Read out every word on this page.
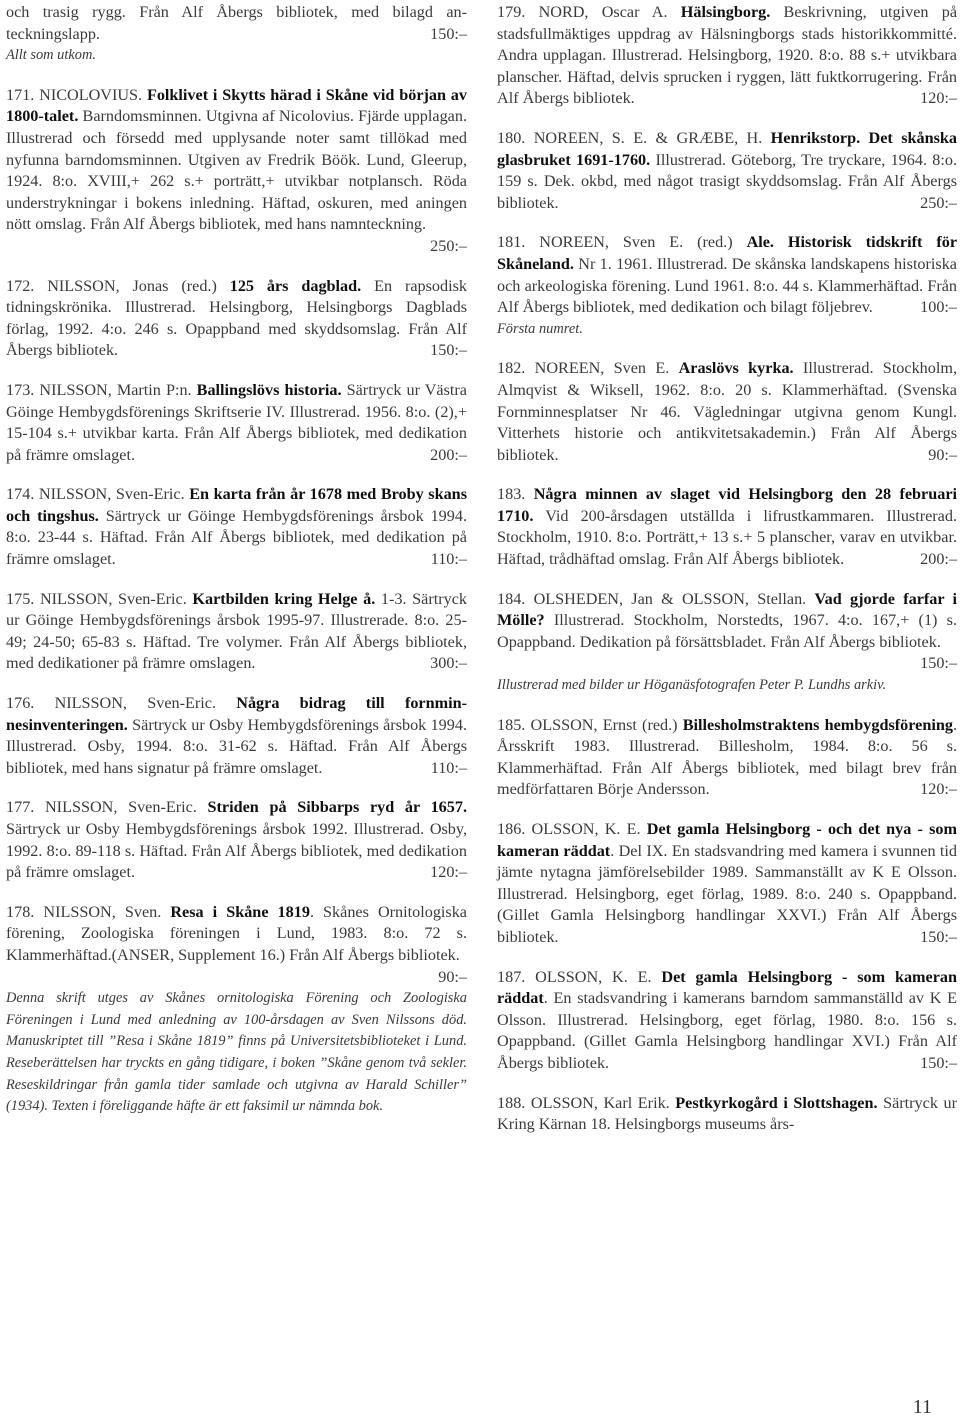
och trasig rygg. Från Alf Åbergs bibliotek, med bilagd anteckningslapp.	150:–

Allt som utkom.

171. NICOLOVIUS. Folklivet i Skytts härad i Skåne vid början av 1800-talet. Barndomsminnen. Utgivna af Nicolovius. Fjärde upplagan. Illustrerad och försedd med upplysande noter samt tillökad med nyfunna barndomsminnen. Utgiven av Fredrik Böök. Lund, Gleerup, 1924. 8:o. XVIII,+ 262 s.+ porträtt,+ utvikbar notplansch. Röda understrykningar i bokens inledning. Häftad, oskuren, med aningen nött omslag. Från Alf Åbergs bibliotek, med hans namnteckning.
250:–

172. NILSSON, Jonas (red.) 125 års dagblad. En rapsodisk tidningskrönika. Illustrerad. Helsingborg, Helsingborgs Dagblads förlag, 1992. 4:o. 246 s. Opappband med skyddsomslag. Från Alf Åbergs bibliotek.	150:–

173. NILSSON, Martin P:n. Ballingslövs historia. Särtryck ur Västra Göinge Hembygdsförenings Skriftserie IV. Illustrerad. 1956. 8:o. (2),+ 15-104 s.+ utvikbar karta. Från Alf Åbergs bibliotek, med dedikation på främre omslaget.	200:–

174. NILSSON, Sven-Eric. En karta från år 1678 med Broby skans och tingshus. Särtryck ur Göinge Hembygdsförenings årsbok 1994. 8:o. 23-44 s. Häftad. Från Alf Åbergs bibliotek, med dedikation på främre omslaget.	110:–

175. NILSSON, Sven-Eric. Kartbilden kring Helge å. 1-3. Särtryck ur Göinge Hembygdsförenings årsbok 1995-97. Illustrerade. 8:o. 25-49; 24-50; 65-83 s. Häftad. Tre volymer. Från Alf Åbergs bibliotek, med dedikationer på främre omslagen.	300:–

176. NILSSON, Sven-Eric. Några bidrag till fornminnesinventeringen. Särtryck ur Osby Hembygdsförenings årsbok 1994. Illustrerad. Osby, 1994. 8:o. 31-62 s. Häftad. Från Alf Åbergs bibliotek, med hans signatur på främre omslaget.	110:–

177. NILSSON, Sven-Eric. Striden på Sibbarps ryd år 1657. Särtryck ur Osby Hembygdsförenings årsbok 1992. Illustrerad. Osby, 1992. 8:o. 89-118 s. Häftad. Från Alf Åbergs bibliotek, med dedikation på främre omslaget.	120:–

178. NILSSON, Sven. Resa i Skåne 1819. Skånes Ornitologiska förening, Zoologiska föreningen i Lund, 1983. 8:o. 72 s. Klammerhäftad.(ANSER, Supplement 16.) Från Alf Åbergs bibliotek.
90:–

Denna skrift utges av Skånes ornitologiska Förening och Zoologiska Föreningen i Lund med anledning av 100-årsdagen av Sven Nilssons död. Manuskriptet till ”Resa i Skåne 1819” finns på Universitetsbiblioteket i Lund. Reseberättelsen har tryckts en gång tidigare, i boken ”Skåne genom två sekler. Reseskildringar från gamla tider samlade och utgivna av Harald Schiller” (1934). Texten i föreliggande häfte är ett faksimil ur nämnda bok.

179. NORD, Oscar A. Hälsingborg. Beskrivning, utgiven på stadsfullmäktiges uppdrag av Hälsningborgs stads historikkommitté. Andra upplagan. Illustrerad. Helsingborg, 1920. 8:o. 88 s.+ utvikbara planscher. Häftad, delvis sprucken i ryggen, lätt fuktkorrugering. Från Alf Åbergs bibliotek.	120:–

180. NOREEN, S. E. & GRÆBE, H. Henrikstorp. Det skånska glasbruket 1691-1760. Illustrerad. Göteborg, Tre tryckare, 1964. 8:o. 159 s. Dek. okbd, med något trasigt skyddsomslag. Från Alf Åbergs bibliotek.	250:–

181. NOREEN, Sven E. (red.) Ale. Historisk tidskrift för Skåneland. Nr 1. 1961. Illustrerad. De skånska landskapens historiska och arkeologiska förening. Lund 1961. 8:o. 44 s. Klammerhäftad. Från Alf Åbergs bibliotek, med dedikation och bilagt följebrev.	100:–

Första numret.

182. NOREEN, Sven E. Araslövs kyrka. Illustrerad. Stockholm, Almqvist & Wiksell, 1962. 8:o. 20 s. Klammerhäftad. (Svenska Fornminnesplatser Nr 46. Vägledningar utgivna genom Kungl. Vitterhets historie och antikvitetsakademin.) Från Alf Åbergs bibliotek.	90:–

183. Några minnen av slaget vid Helsingborg den 28 februari 1710. Vid 200-årsdagen utställda i lifrustkammaren. Illustrerad. Stockholm, 1910. 8:o. Porträtt,+ 13 s.+ 5 planscher, varav en utvikbar. Häftad, trådhäftad omslag. Från Alf Åbergs bibliotek.	200:–

184. OLSHEDEN, Jan & OLSSON, Stellan. Vad gjorde farfar i Mölle? Illustrerad. Stockholm, Norstedts, 1967. 4:o. 167,+ (1) s. Opappband. Dedikation på försättsbladet. Från Alf Åbergs bibliotek.
150:–

Illustrerad med bilder ur Höganäsfotografen Peter P. Lundhs arkiv.

185. OLSSON, Ernst (red.) Billesholmstraktens hembygdsförening. Årsskrift 1983. Illustrerad. Billesholm, 1984. 8:o. 56 s. Klammerhäftad. Från Alf Åbergs bibliotek, med bilagt brev från medförfattaren Börje Andersson.	120:–

186. OLSSON, K. E. Det gamla Helsingborg - och det nya - som kameran räddat. Del IX. En stadsvandring med kamera i svunnen tid jämte nytagna jämförelsebilder 1989. Sammanställt av K E Olsson. Illustrerad. Helsingborg, eget förlag, 1989. 8:o. 240 s. Opappband. (Gillet Gamla Helsingborg handlingar XXVI.) Från Alf Åbergs bibliotek.	150:–

187. OLSSON, K. E. Det gamla Helsingborg - som kameran räddat. En stadsvandring i kamerans barndom sammanställd av K E Olsson. Illustrerad. Helsingborg, eget förlag, 1980. 8:o. 156 s. Opappband. (Gillet Gamla Helsingborg handlingar XVI.) Från Alf Åbergs bibliotek.	150:–

188. OLSSON, Karl Erik. Pestkyrkogård i Slottshagen. Särtryck ur Kring Kärnan 18. Helsingborgs museums års-

11
